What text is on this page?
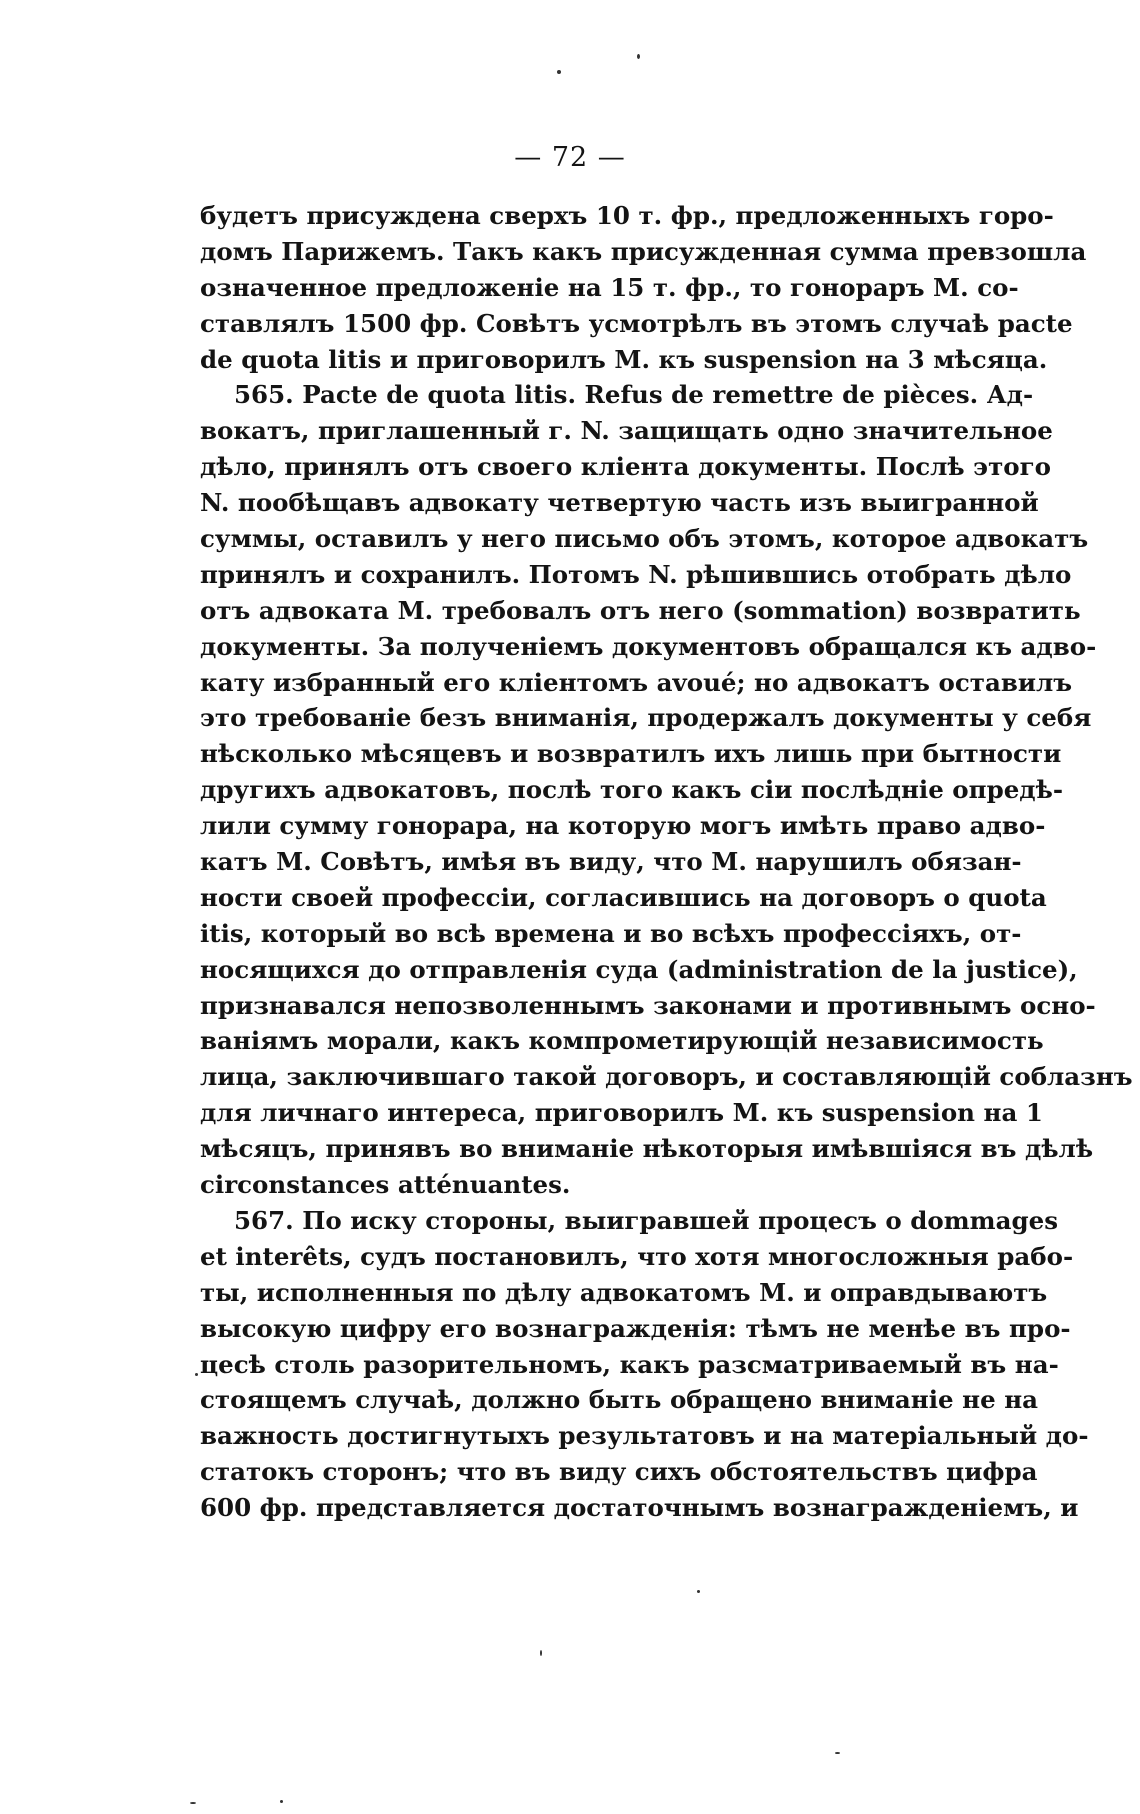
— 72 —
будетъ присуждена сверхъ 10 т. фр., предложенныхъ горо-
домъ Парижемъ. Такъ какъ присужденная сумма превзошла
означенное предложеніе на 15 т. фр., то гонораръ М. со-
ставлялъ 1500 фр. Совѣтъ усмотрѣлъ въ этомъ случаѣ pacte
de quota litis и приговорилъ М. къ suspension на 3 мѣсяца.
565. Pacte de quota litis. Refus de remettre de pièces. Ад-
вокатъ, приглашенный г. N. защищать одно значительное
дѣло, принялъ отъ своего кліента документы. Послѣ этого
N. пообѣщавъ адвокату четвертую часть изъ выигранной
суммы, оставилъ у него письмо объ этомъ, которое адвокатъ
принялъ и сохранилъ. Потомъ N. рѣшившись отобрать дѣло
отъ адвоката М. требовалъ отъ него (sommation) возвратить
документы. За полученіемъ документовъ обращался къ адво-
кату избранный его кліентомъ avoué; но адвокатъ оставилъ
это требованіе безъ вниманія, продержалъ документы у себя
нѣсколько мѣсяцевъ и возвратилъ ихъ лишь при бытности
другихъ адвокатовъ, послѣ того какъ сіи послѣдніе опредѣ-
лили сумму гонорара, на которую могъ имѣть право адво-
катъ М. Совѣтъ, имѣя въ виду, что М. нарушилъ обязан-
ности своей профессіи, согласившись на договоръ о quota
itis, который во всѣ времена и во всѣхъ профессіяхъ, от-
носящихся до отправленія суда (administration de la justice),
признавался непозволеннымъ законами и противнымъ осно-
ваніямъ морали, какъ компрометирующій независимость
лица, заключившаго такой договоръ, и составляющій соблазнъ
для личнаго интереса, приговорилъ М. къ suspension на 1
мѣсяцъ, принявъ во вниманіе нѣкоторыя имѣвшіяся въ дѣлѣ
circonstances atténuantes.
567. По иску стороны, выигравшей процесъ о dommages
et interêts, судъ постановилъ, что хотя многосложныя рабо-
ты, исполненныя по дѣлу адвокатомъ М. и оправдываютъ
высокую цифру его вознагражденія: тѣмъ не менѣе въ про-
цесѣ столь разорительномъ, какъ разсматриваемый въ на-
стоящемъ случаѣ, должно быть обращено вниманіе не на
важность достигнутыхъ результатовъ и на матеріальный до-
статокъ сторонъ; что въ виду сихъ обстоятельствъ цифра
600 фр. представляется достаточнымъ вознагражденіемъ, и
